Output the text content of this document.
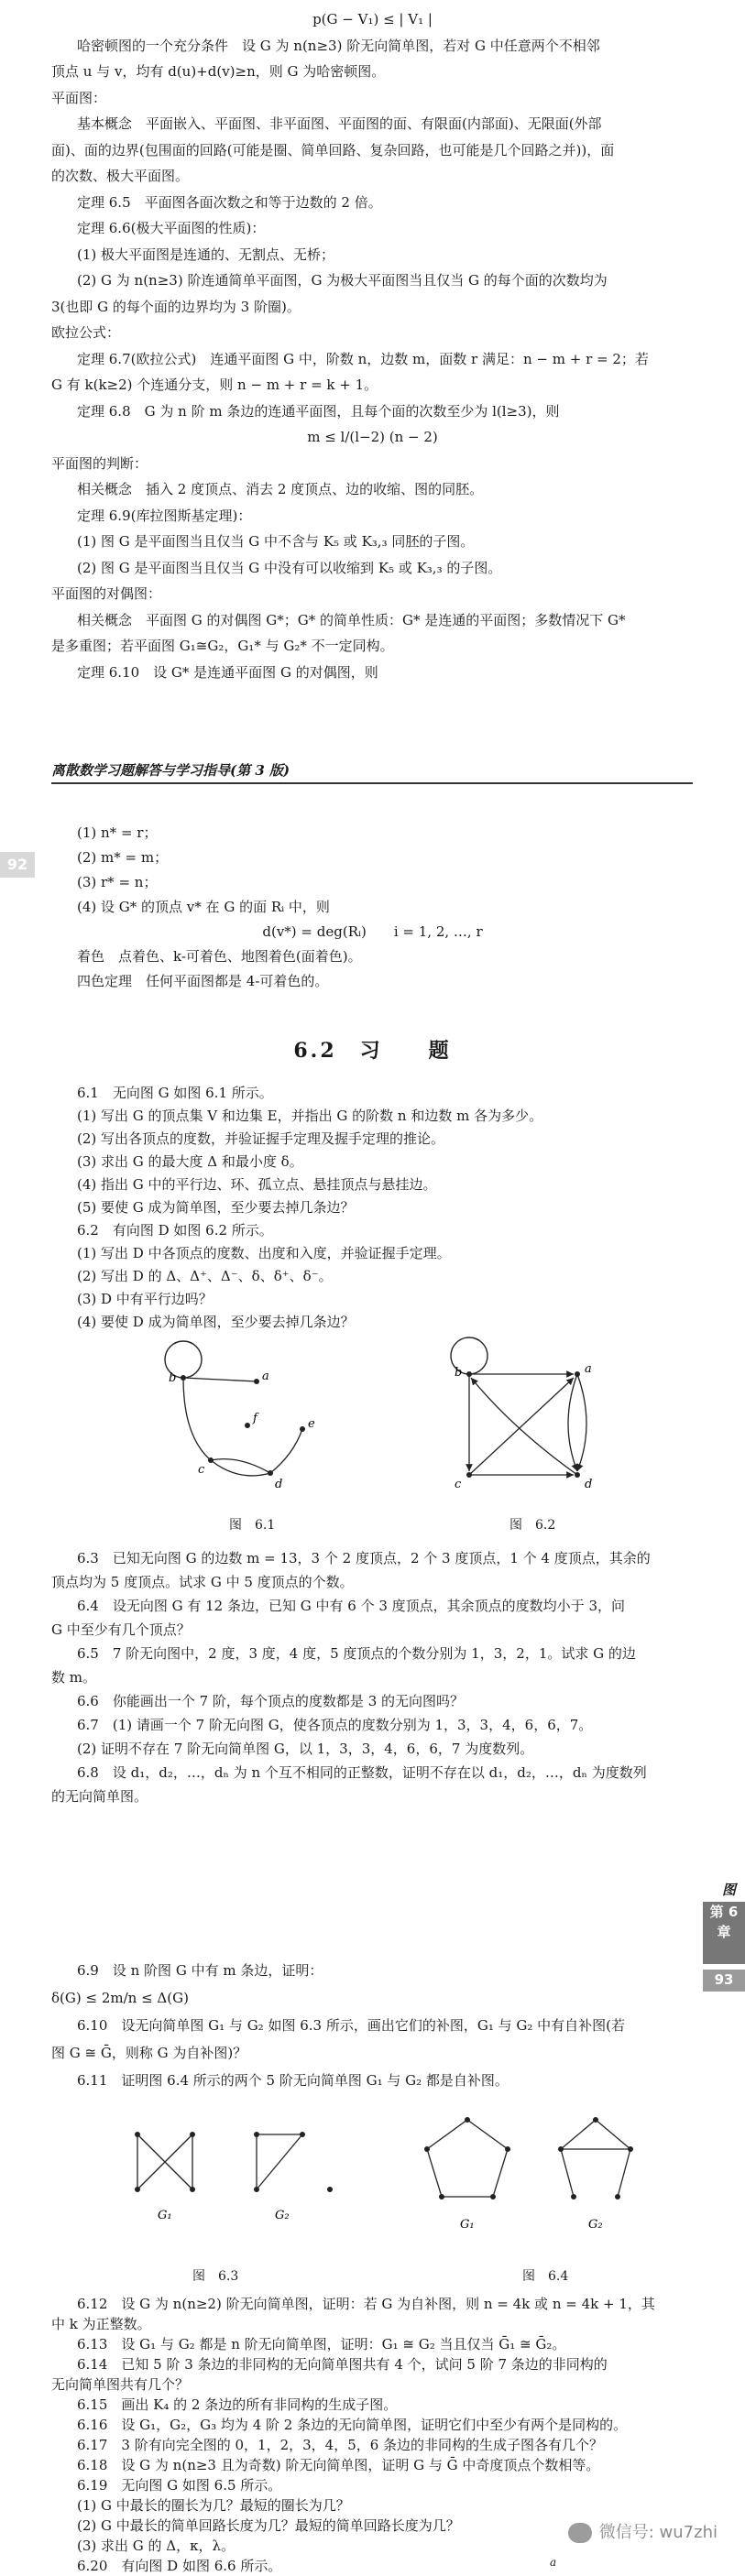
p(G − V₁) ≤ | V₁ |
哈密顿图的一个充分条件　设 G 为 n(n≥3) 阶无向简单图，若对 G 中任意两个不相邻
顶点 u 与 v，均有 d(u)+d(v)≥n，则 G 为哈密顿图。
平面图：
基本概念　平面嵌入、平面图、非平面图、平面图的面、有限面(内部面)、无限面(外部
面)、面的边界(包围面的回路(可能是圈、简单回路、复杂回路，也可能是几个回路之并))，面
的次数、极大平面图。
定理 6.5　平面图各面次数之和等于边数的 2 倍。
定理 6.6(极大平面图的性质)：
(1) 极大平面图是连通的、无割点、无桥；
(2) G 为 n(n≥3) 阶连通简单平面图，G 为极大平面图当且仅当 G 的每个面的次数均为
3(也即 G 的每个面的边界均为 3 阶圈)。
欧拉公式：
定理 6.7(欧拉公式)　连通平面图 G 中，阶数 n，边数 m，面数 r 满足：n − m + r = 2；若
G 有 k(k≥2) 个连通分支，则 n − m + r = k + 1。
定理 6.8　G 为 n 阶 m 条边的连通平面图，且每个面的次数至少为 l(l≥3)，则
m ≤ l/(l−2) (n − 2)
平面图的判断：
相关概念　插入 2 度顶点、消去 2 度顶点、边的收缩、图的同胚。
定理 6.9(库拉图斯基定理)：
(1) 图 G 是平面图当且仅当 G 中不含与 K₅ 或 K₃,₃ 同胚的子图。
(2) 图 G 是平面图当且仅当 G 中没有可以收缩到 K₅ 或 K₃,₃ 的子图。
平面图的对偶图：
相关概念　平面图 G 的对偶图 G*；G* 的简单性质：G* 是连通的平面图；多数情况下 G*
是多重图；若平面图 G₁≅G₂，G₁* 与 G₂* 不一定同构。
定理 6.10　设 G* 是连通平面图 G 的对偶图，则
离散数学习题解答与学习指导(第 3 版)
92
(1) n* = r；
(2) m* = m；
(3) r* = n；
(4) 设 G* 的顶点 v* 在 G 的面 Rᵢ 中，则
d(v*) = deg(Rᵢ)　　i = 1, 2, …, r
着色　点着色、k-可着色、地图着色(面着色)。
四色定理　任何平面图都是 4-可着色的。
6.2　习　　题
6.1　无向图 G 如图 6.1 所示。
(1) 写出 G 的顶点集 V 和边集 E，并指出 G 的阶数 n 和边数 m 各为多少。
(2) 写出各顶点的度数，并验证握手定理及握手定理的推论。
(3) 求出 G 的最大度 Δ 和最小度 δ。
(4) 指出 G 中的平行边、环、孤立点、悬挂顶点与悬挂边。
(5) 要使 G 成为简单图，至少要去掉几条边？
6.2　有向图 D 如图 6.2 所示。
(1) 写出 D 中各顶点的度数、出度和入度，并验证握手定理。
(2) 写出 D 的 Δ、Δ⁺、Δ⁻、δ、δ⁺、δ⁻。
(3) D 中有平行边吗？
(4) 要使 D 成为简单图，至少要去掉几条边？
b	a
f
c
e
d
图　6.1
b	a
c	d
图　6.2
6.3　已知无向图 G 的边数 m = 13，3 个 2 度顶点，2 个 3 度顶点，1 个 4 度顶点，其余的
顶点均为 5 度顶点。试求 G 中 5 度顶点的个数。
6.4　设无向图 G 有 12 条边，已知 G 中有 6 个 3 度顶点，其余顶点的度数均小于 3，问
G 中至少有几个顶点？
6.5　7 阶无向图中，2 度，3 度，4 度，5 度顶点的个数分别为 1，3，2，1。试求 G 的边
数 m。
6.6　你能画出一个 7 阶，每个顶点的度数都是 3 的无向图吗？
6.7　(1) 请画一个 7 阶无向图 G，使各顶点的度数分别为 1，3，3，4，6，6，7。
(2) 证明不存在 7 阶无向简单图 G，以 1，3，3，4，6，6，7 为度数列。
6.8　设 d₁，d₂，…，dₙ 为 n 个互不相同的正整数，证明不存在以 d₁，d₂，…，dₙ 为度数列
的无向简单图。
图
第 6 章
93
6.9　设 n 阶图 G 中有 m 条边，证明：
δ(G) ≤ 2m/n ≤ Δ(G)
6.10　设无向简单图 G₁ 与 G₂ 如图 6.3 所示，画出它们的补图，G₁ 与 G₂ 中有自补图(若
图 G ≅ Ḡ，则称 G 为自补图)？
6.11　证明图 6.4 所示的两个 5 阶无向简单图 G₁ 与 G₂ 都是自补图。
G₁	G₂
图　6.3
G₁	G₂
图　6.4
6.12　设 G 为 n(n≥2) 阶无向简单图，证明：若 G 为自补图，则 n = 4k 或 n = 4k + 1，其
中 k 为正整数。
6.13　设 G₁ 与 G₂ 都是 n 阶无向简单图，证明：G₁ ≅ G₂ 当且仅当 Ḡ₁ ≅ Ḡ₂。
6.14　已知 5 阶 3 条边的非同构的无向简单图共有 4 个，试问 5 阶 7 条边的非同构的
无向简单图共有几个？
6.15　画出 K₄ 的 2 条边的所有非同构的生成子图。
6.16　设 G₁，G₂，G₃ 均为 4 阶 2 条边的无向简单图，证明它们中至少有两个是同构的。
6.17　3 阶有向完全图的 0，1，2，3，4，5，6 条边的非同构的生成子图各有几个？
6.18　设 G 为 n(n≥3 且为奇数) 阶无向简单图，证明 G 与 Ḡ 中奇度顶点个数相等。
6.19　无向图 G 如图 6.5 所示。
(1) G 中最长的圈长为几？最短的圈长为几？
(2) G 中最长的简单回路长度为几？最短的简单回路长度为几？
(3) 求出 G 的 Δ，κ，λ。
6.20　有向图 D 如图 6.6 所示。
微信号: wu7zhi
a
